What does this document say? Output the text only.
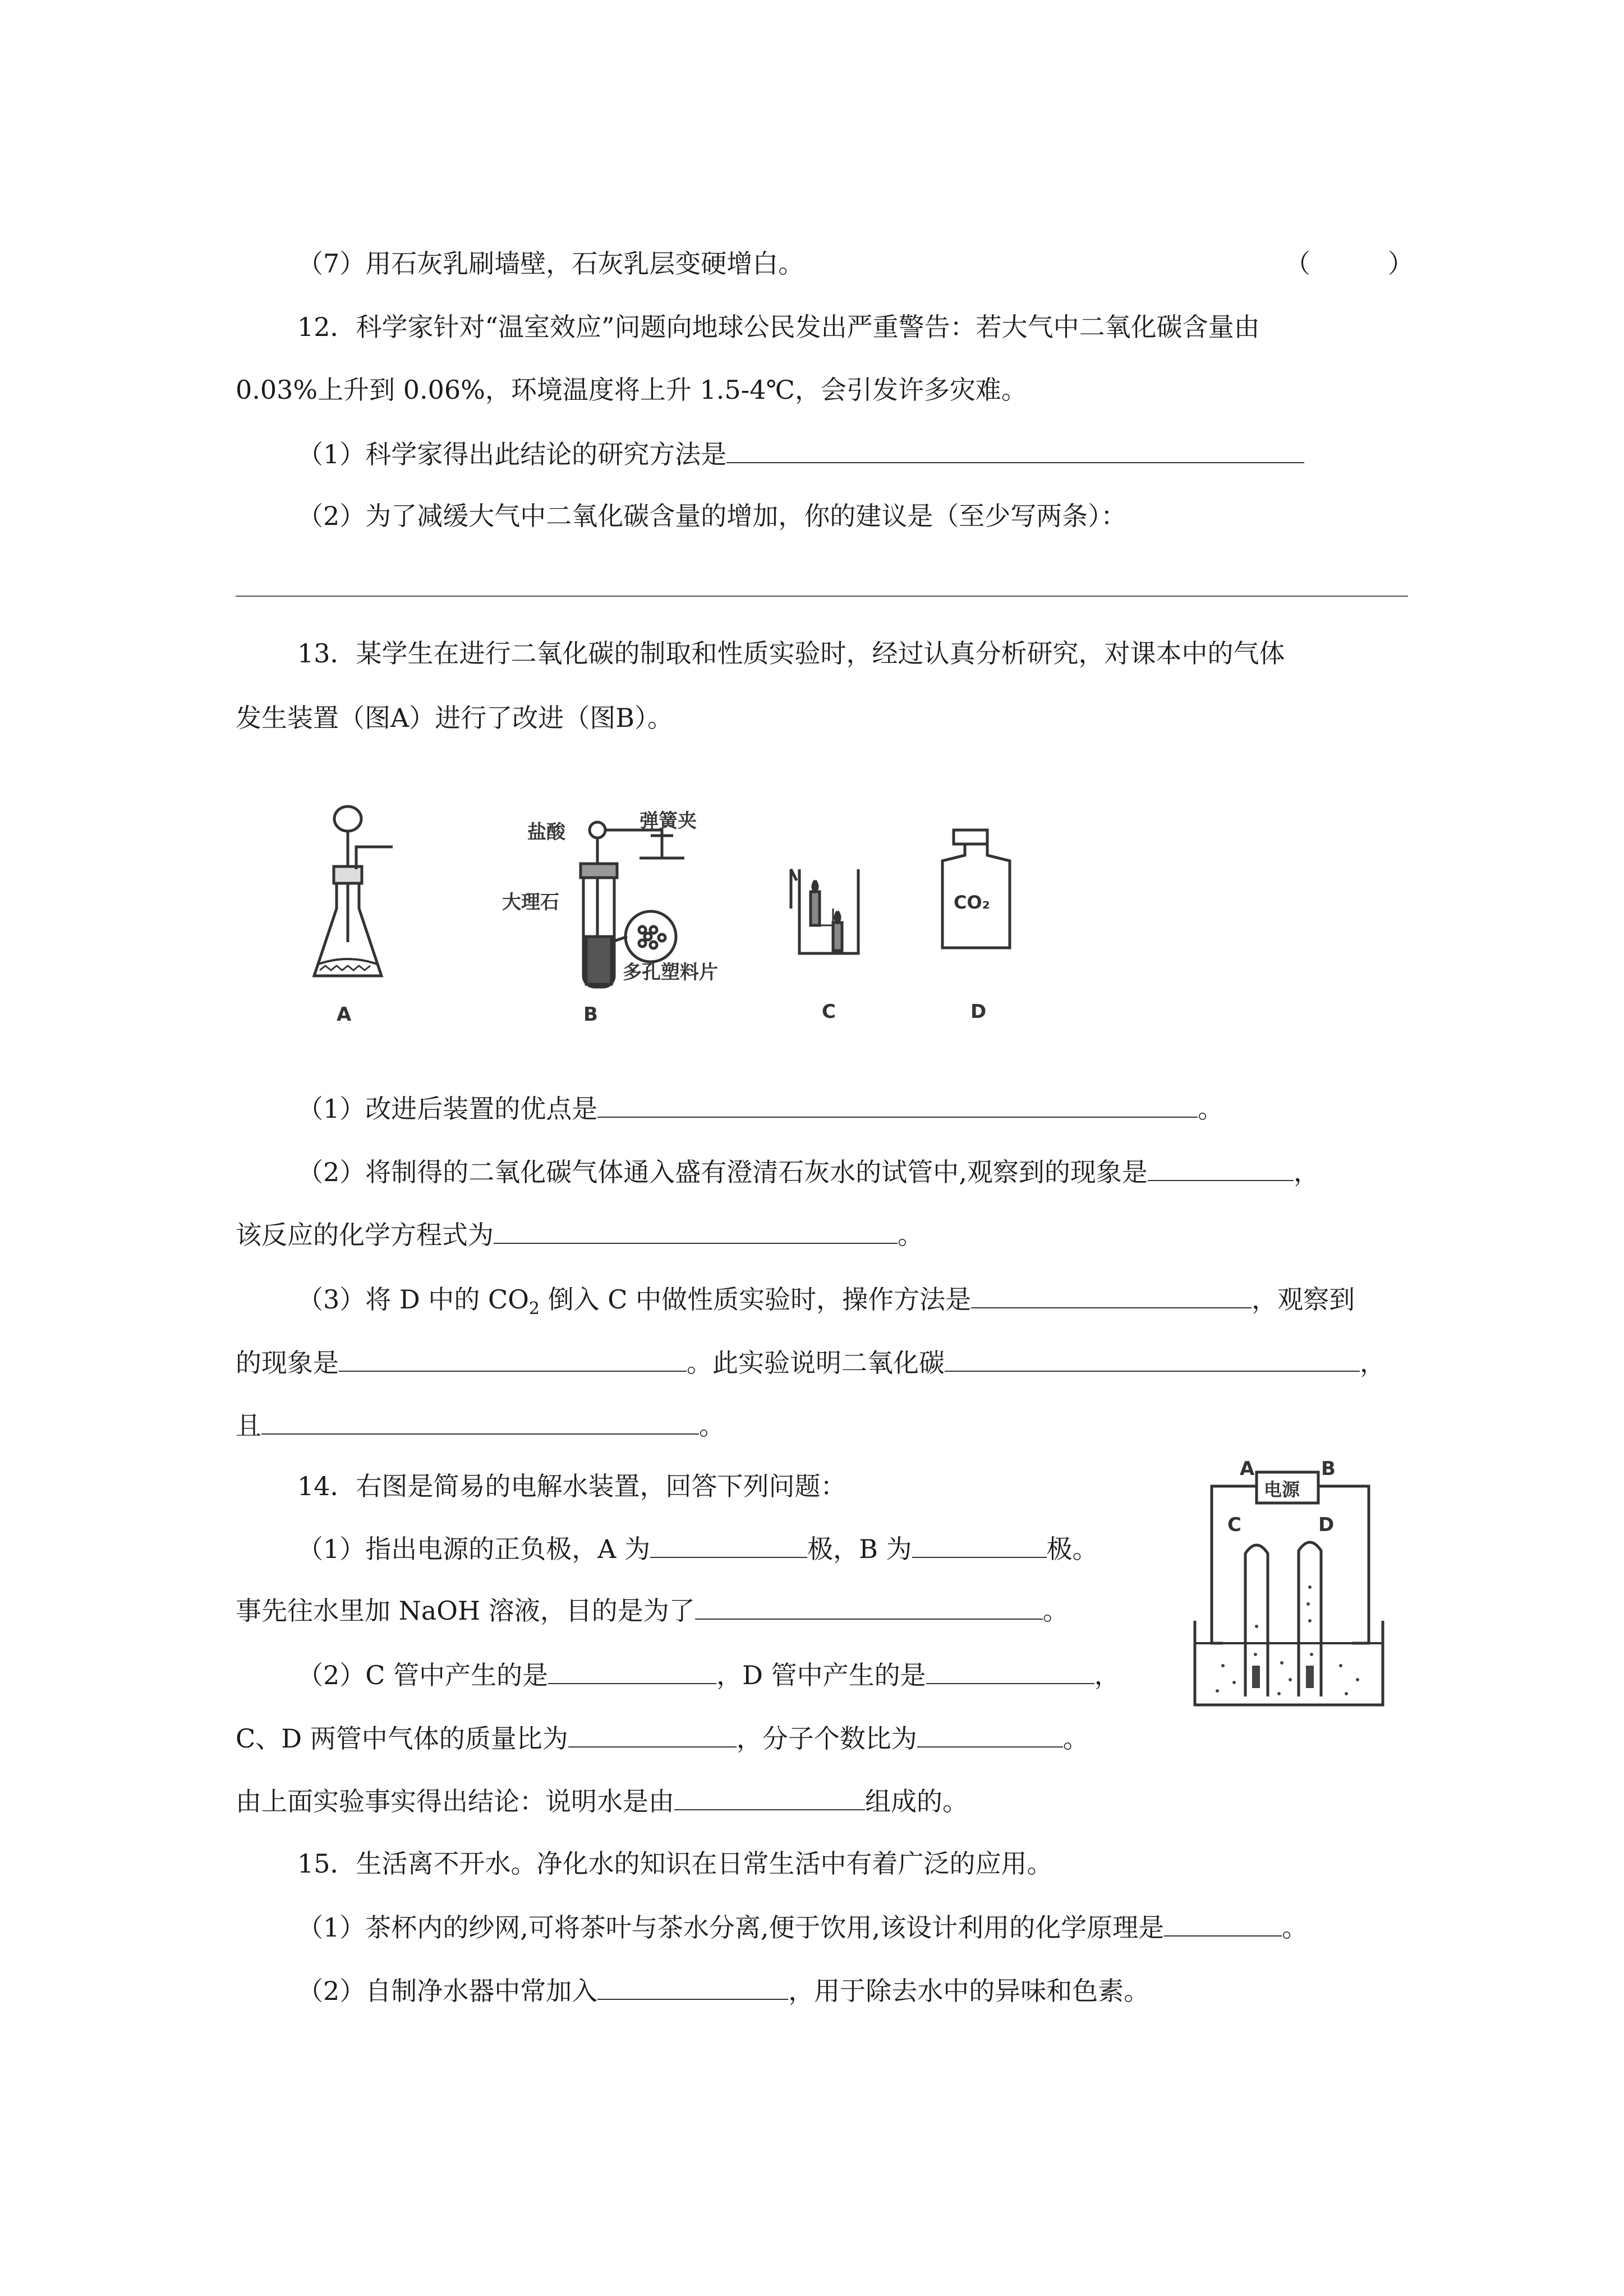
（7）用石灰乳刷墙壁，石灰乳层变硬增白。	（　　　）
12．科学家针对“温室效应”问题向地球公民发出严重警告：若大气中二氧化碳含量由
0.03%上升到 0.06%，环境温度将上升 1.5-4℃，会引发许多灾难。
（1）科学家得出此结论的研究方法是
（2）为了减缓大气中二氧化碳含量的增加，你的建议是（至少写两条）：
13．某学生在进行二氧化碳的制取和性质实验时，经过认真分析研究，对课本中的气体
发生装置（图A）进行了改进（图B）。
A	B	C	D
盐酸	弹簧夹
大理石
多孔塑料片
CO₂
（1）改进后装置的优点是	。
（2）将制得的二氧化碳气体通入盛有澄清石灰水的试管中,观察到的现象是	，
该反应的化学方程式为	。
（3）将 D 中的 $CO_2$ 倒入 C 中做性质实验时，操作方法是	，观察到
的现象是	。此实验说明二氧化碳	，
且	。
14．右图是简易的电解水装置，回答下列问题：
（1）指出电源的正负极，A 为	极，B 为	极。
事先往水里加 NaOH 溶液，目的是为了	。
（2）C 管中产生的是	，D 管中产生的是	，
C、D 两管中气体的质量比为	，分子个数比为	。
由上面实验事实得出结论：说明水是由	组成的。
A	B
电源
C	D
15．生活离不开水。净化水的知识在日常生活中有着广泛的应用。
（1）茶杯内的纱网,可将茶叶与茶水分离,便于饮用,该设计利用的化学原理是	。
（2）自制净水器中常加入	，用于除去水中的异味和色素。
